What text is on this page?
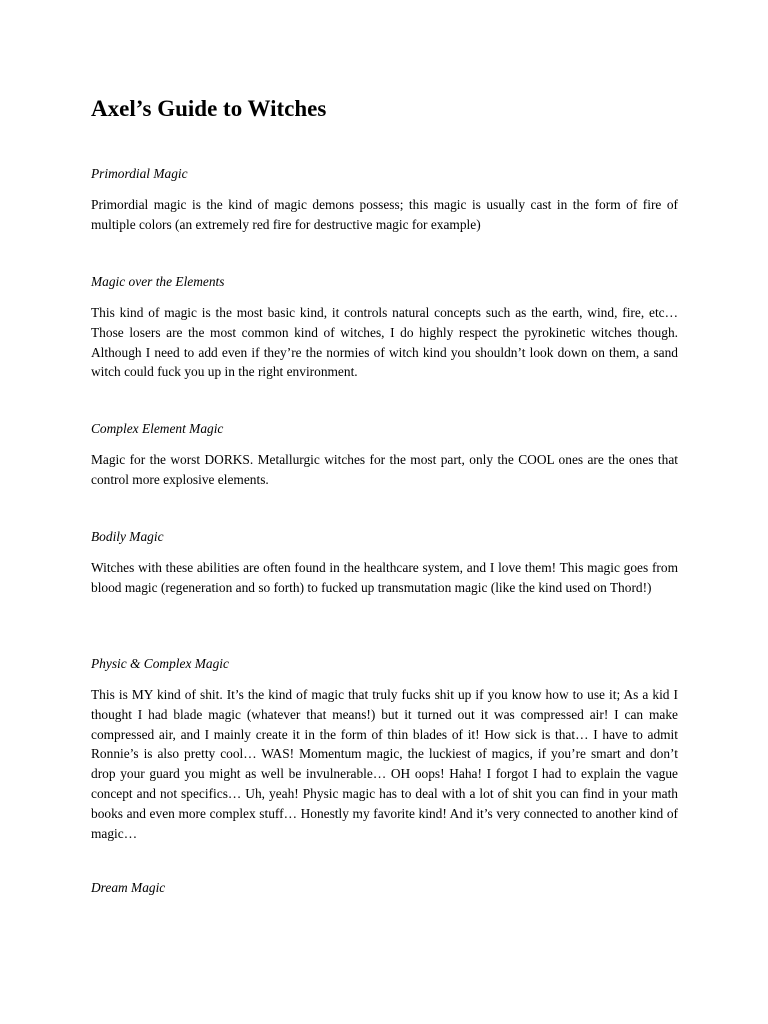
Axel’s Guide to Witches
Primordial Magic

Primordial magic is the kind of magic demons possess; this magic is usually cast in the form of fire of multiple colors (an extremely red fire for destructive magic for example)

Magic over the Elements

This kind of magic is the most basic kind, it controls natural concepts such as the earth, wind, fire, etc… Those losers are the most common kind of witches, I do highly respect the pyrokinetic witches though. Although I need to add even if they’re the normies of witch kind you shouldn’t look down on them, a sand witch could fuck you up in the right environment.

Complex Element Magic

Magic for the worst DORKS. Metallurgic witches for the most part, only the COOL ones are the ones that control more explosive elements.

Bodily Magic

Witches with these abilities are often found in the healthcare system, and I love them! This magic goes from blood magic (regeneration and so forth) to fucked up transmutation magic (like the kind used on Thord!)

Physic & Complex Magic

This is MY kind of shit. It’s the kind of magic that truly fucks shit up if you know how to use it; As a kid I thought I had blade magic (whatever that means!) but it turned out it was compressed air! I can make compressed air, and I mainly create it in the form of thin blades of it! How sick is that… I have to admit Ronnie’s is also pretty cool… WAS! Momentum magic, the luckiest of magics, if you’re smart and don’t drop your guard you might as well be invulnerable… OH oops! Haha! I forgot I had to explain the vague concept and not specifics… Uh, yeah! Physic magic has to deal with a lot of shit you can find in your math books and even more complex stuff… Honestly my favorite kind! And it’s very connected to another kind of magic…

Dream Magic
